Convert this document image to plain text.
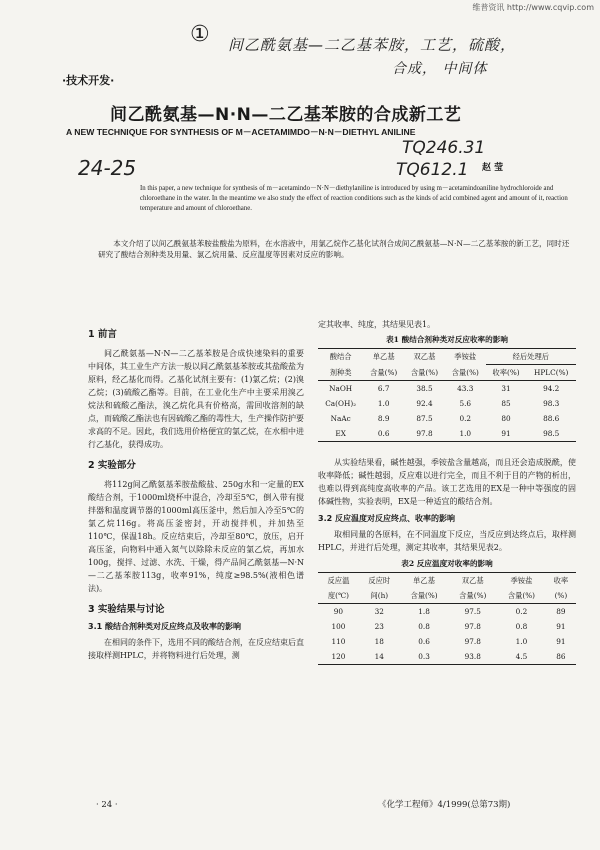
维普资讯 http://www.cqvip.com
① 间乙酰氨基—二乙基苯胺，工艺，硫酸，
合成， 中间体
TQ246.31
TQ612.1
24-25
·技术开发·
间乙酰氨基—N·N—二乙基苯胺的合成新工艺
A NEW TECHNIQUE FOR SYNTHESIS OF M－ACETAMIMDO－N·N－DIETHYL ANILINE
赵 莹
In this paper, a new technique for synthesis of m－acetamindo－N·N－diethylaniline is introduced by using m－acetamindoaniline hydrochloroide and chloroethane in the water. In the meantime we also study the effect of reaction conditions such as the kinds of acid combined agent and amount of it, reaction temperature and amount of chloroethane.
本文介绍了以间乙酰氨基苯胺盐酸盐为原料，在水溶液中，用氯乙烷作乙基化试剂合成间乙酰氨基—N·N—二乙基苯胺的新工艺，同时还研究了酸结合剂种类及用量、氯乙烷用量、反应温度等因素对反应的影响。
1 前言

间乙酰氨基—N·N—二乙基苯胺是合成快速染料的重要中间体，其工业生产方法一般以间乙酰氨基苯胺或其盐酸盐为原料，经乙基化而得。乙基化试剂主要有：(1)氯乙烷；(2)溴乙烷；(3)硫酸乙酯等。目前，在工业化生产中主要采用溴乙烷法和硫酸乙酯法，溴乙烷化具有价格高，需回收溶剂的缺点，而硫酸乙酯法也有因硫酸乙酯的毒性大，生产操作防护要求高的不足。因此，我们选用价格便宜的氯乙烷，在水相中进行乙基化，获得成功。

2 实验部分

将112g间乙酰氨基苯胺盐酸盐、250g水和一定量的EX酸结合剂，于1000ml烧杯中混合，冷却至5℃，倒入带有搅拌器和温度调节器的1000ml高压釜中，然后加入冷至5℃的氯乙烷116g。将高压釜密封，开动搅拌机，并加热至110℃，保温18h。反应结束后，冷却至80℃，放压，启开高压釜，向物料中通入氮气以除除未反应的氯乙烷，再加水100g，搅拌、过滤、水洗、干燥，得产品间乙酰氨基—N·N—二乙基苯胺113g，收率91%，纯度≥98.5%(液相色谱法)。

3 实验结果与讨论
3.1 酸结合剂种类对反应终点及收率的影响

在相同的条件下，选用不同的酸结合剂，在反应结束后直接取样测HPLC，并将物料进行后处理，测

定其收率、纯度，其结果见表1。
表1 酸结合剂种类对反应收率的影响
酸结合	单乙基	双乙基	季铵盐	经后处理后	
剂种类	含量(%)	含量(%)	含量(%)	收率(%)	HPLC(%)
NaOH	6.7	38.5	43.3	31	94.2
Ca(OH)₂	1.0	92.4	5.6	85	98.3
NaAc	8.9	87.5	0.2	80	88.6
EX	0.6	97.8	1.0	91	98.5

从实验结果看，碱性越强，季铵盐含量越高，而且还会造成脱酰，使收率降低；碱性越弱，反应难以进行完全，而且不利于目的产物的析出，也难以得到高纯度高收率的产品。该工艺选用的EX是一种中等强度的固体碱性物，实验表明，EX是一种适宜的酸结合剂。

3.2 反应温度对反应终点、收率的影响

取相同量的各原料，在不同温度下反应，当反应到达终点后，取样测HPLC，并进行后处理，测定其收率，其结果见表2。

表2 反应温度对收率的影响
反应温	反应时	单乙基	双乙基	季铵盐	收率
度(℃)	间(h)	含量(%)	含量(%)	含量(%)	(%)
90	32	1.8	97.5	0.2	89
100	23	0.8	97.8	0.8	91
110	18	0.6	97.8	1.0	91
120	14	0.3	93.8	4.5	86
· 24 ·	《化学工程师》4/1999(总第73期)
